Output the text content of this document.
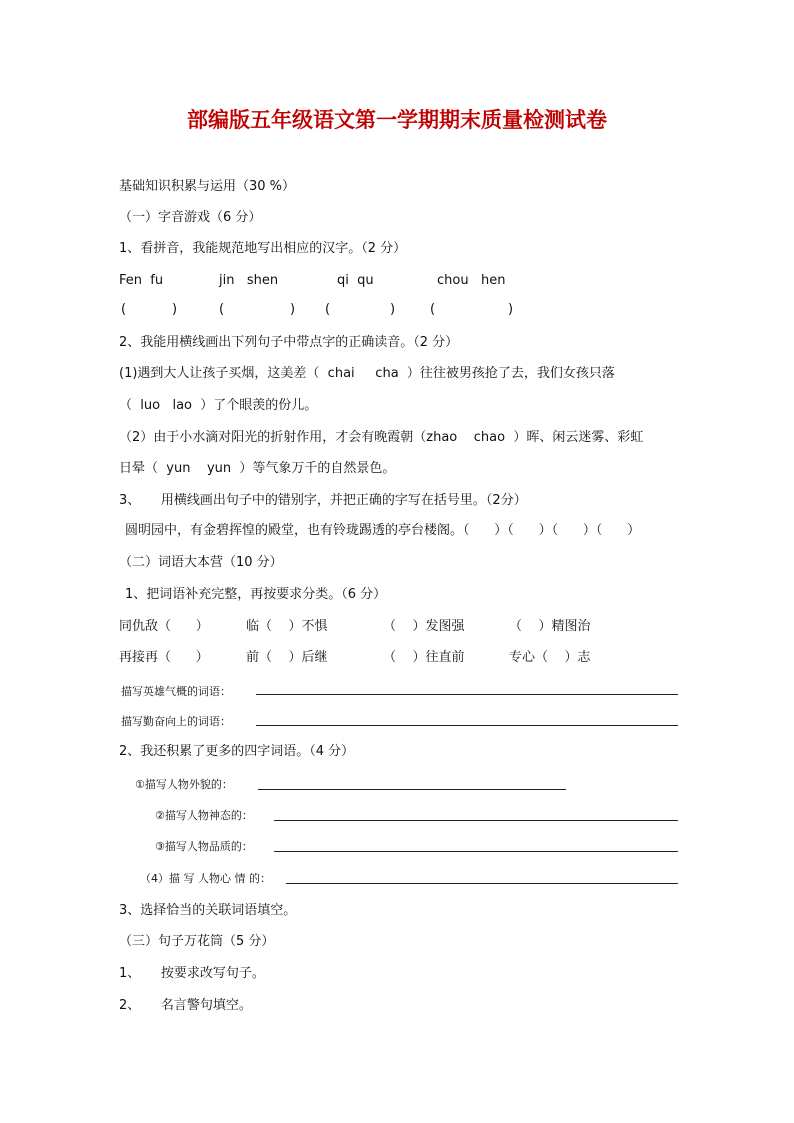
部编版五年级语文第一学期期末质量检测试卷
基础知识积累与运用（30 %）
（一）字音游戏（6 分）
1、看拼音，我能规范地写出相应的汉字。（2 分）
Fen  fu	jin   shen	qi  qu	chou   hen
(	)	(	) (	)	(	)
2、我能用横线画出下列句子中带点字的正确读音。（2 分）
(1)遇到大人让孩子买烟，这美差（  chai     cha  ）往往被男孩抢了去，我们女孩只落
（  luo   lao  ）了个眼羡的份儿。
（2）由于小水滴对阳光的折射作用，才会有晚霞朝（zhao    chao  ）晖、闲云迷雾、彩虹
日晕（  yun    yun  ）等气象万千的自然景色。
3、     用横线画出句子中的错别字，并把正确的字写在括号里。（2分）
圆明园中，有金碧挥惶的殿堂，也有铃珑踢透的亭台楼阁。（      ）（      ）（      ）（      ）
（二）词语大本营（10 分）
1、把词语补充完整，再按要求分类。（6 分）
同仇敌（      ）	临（    ）不惧	（    ）发图强	（    ）精图治
再接再（      ）	前（    ）后继	（    ）往直前	专心（    ）志
描写英雄气概的词语：
描写勤奋向上的词语：
2、我还积累了更多的四字词语。（4 分）
①描写人物外貌的：
②描写人物神态的：
③描写人物品质的：
（4）描 写 人物心 情 的：
3、选择恰当的关联词语填空。
（三）句子万花筒（5 分）
1、     按要求改写句子。
2、     名言警句填空。
